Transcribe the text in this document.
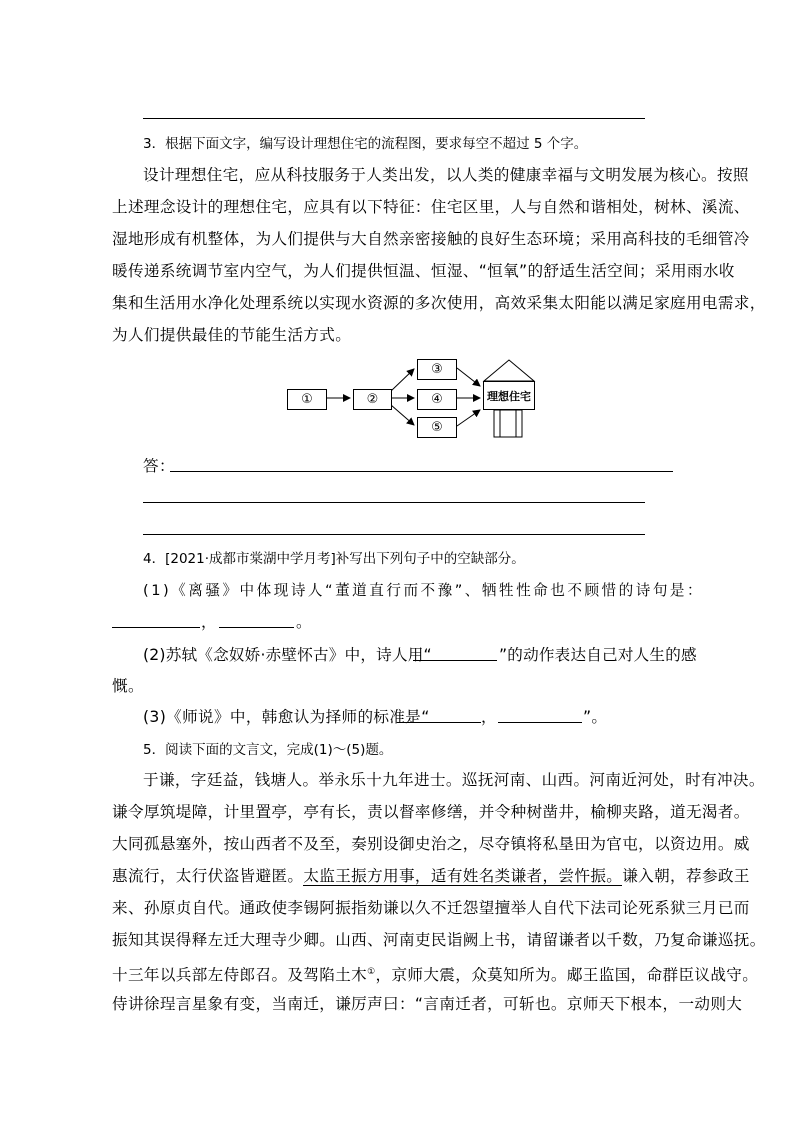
3．根据下面文字，编写设计理想住宅的流程图，要求每空不超过 5 个字。
设计理想住宅，应从科技服务于人类出发，以人类的健康幸福与文明发展为核心。按照
上述理念设计的理想住宅，应具有以下特征：住宅区里，人与自然和谐相处，树林、溪流、
湿地形成有机整体，为人们提供与大自然亲密接触的良好生态环境；采用高科技的毛细管冷
暖传递系统调节室内空气，为人们提供恒温、恒湿、“恒氧”的舒适生活空间；采用雨水收
集和生活用水净化处理系统以实现水资源的多次使用，高效采集太阳能以满足家庭用电需求，
为人们提供最佳的节能生活方式。
①	②
③
④
⑤
理想住宅
答：
4．[2021·成都市棠湖中学月考]补写出下列句子中的空缺部分。
(1)《离骚》中体现诗人“董道直行而不豫”、牺牲性命也不顾惜的诗句是：
，	。
(2)苏轼《念奴娇·赤壁怀古》中，诗人用“	”的动作表达自己对人生的感
慨。
(3)《师说》中，韩愈认为择师的标准是“	，	”。
5．阅读下面的文言文，完成(1)～(5)题。
于谦，字廷益，钱塘人。举永乐十九年进士。巡抚河南、山西。河南近河处，时有冲决。
谦令厚筑堤障，计里置亭，亭有长，责以督率修缮，并令种树凿井，榆柳夹路，道无渴者。
大同孤悬塞外，按山西者不及至，奏别设御史治之，尽夺镇将私垦田为官屯，以资边用。威
惠流行，太行伏盗皆避匿。太监王振方用事，适有姓名类谦者，尝忤振。谦入朝，荐参政王
来、孙原贞自代。通政使李锡阿振指劾谦以久不迁怨望擅举人自代下法司论死系狱三月已而
振知其误得释左迁大理寺少卿。山西、河南吏民诣阙上书，请留谦者以千数，乃复命谦巡抚。
十三年以兵部左侍郎召。及驾陷土木①，京师大震，众莫知所为。郕王监国，命群臣议战守。
侍讲徐珵言星象有变，当南迁，谦厉声曰：“言南迁者，可斩也。京师天下根本，一动则大
